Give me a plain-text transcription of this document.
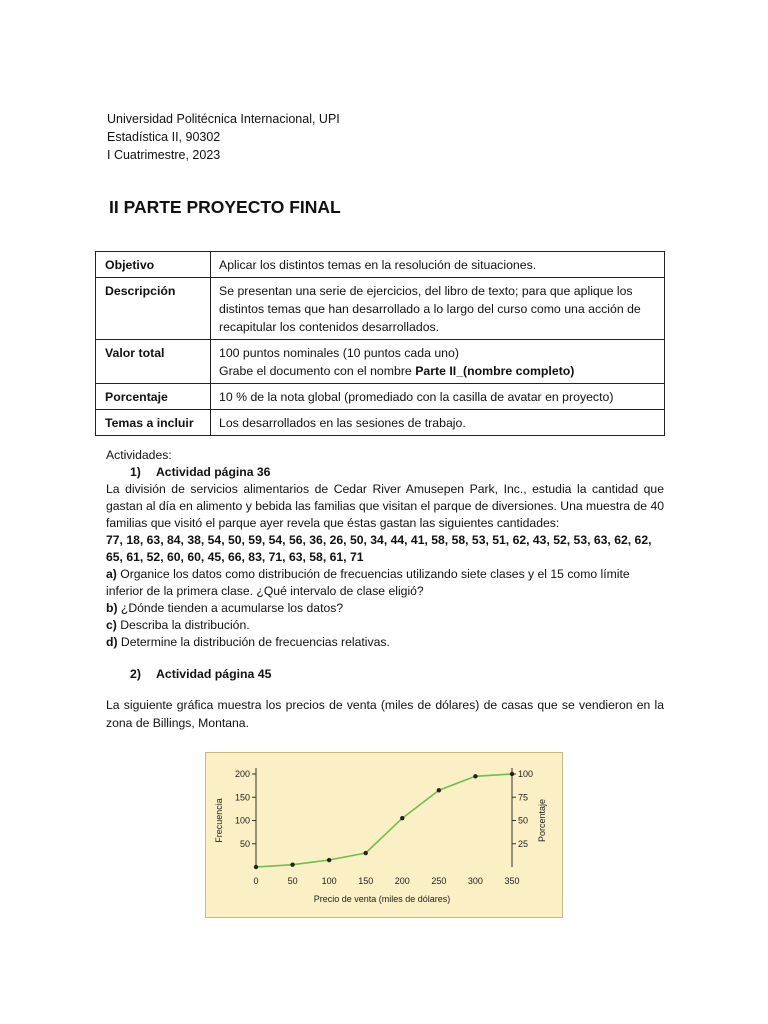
Universidad Politécnica Internacional, UPI
Estadística II, 90302
I Cuatrimestre, 2023
II PARTE PROYECTO FINAL
Objetivo	Aplicar los distintos temas en la resolución de situaciones.
Descripción	Se presentan una serie de ejercicios, del libro de texto; para que aplique los distintos temas que han desarrollado a lo largo del curso como una acción de recapitular los contenidos desarrollados.
Valor total	100 puntos nominales (10 puntos cada uno)
Grabe el documento con el nombre Parte II_(nombre completo)

Porcentaje	10 % de la nota global (promediado con la casilla de avatar en proyecto)
Temas a incluir	Los desarrollados en las sesiones de trabajo.

Actividades:

1) Actividad página 36

La división de servicios alimentarios de Cedar River Amusepen Park, Inc., estudia la cantidad que gastan al día en alimento y bebida las familias que visitan el parque de diversiones. Una muestra de 40 familias que visitó el parque ayer revela que éstas gastan las siguientes cantidades:

77, 18, 63, 84, 38, 54, 50, 59, 54, 56, 36, 26, 50, 34, 44, 41, 58, 58, 53, 51, 62, 43, 52, 53, 63, 62, 62, 65, 61, 52, 60, 60, 45, 66, 83, 71, 63, 58, 61, 71

a) Organice los datos como distribución de frecuencias utilizando siete clases y el 15 como límite inferior de la primera clase. ¿Qué intervalo de clase eligió?

b) ¿Dónde tienden a acumularse los datos?

c) Describa la distribución.

d) Determine la distribución de frecuencias relativas.

2) Actividad página 45

La siguiente gráfica muestra los precios de venta (miles de dólares) de casas que se vendieron en la zona de Billings, Montana.

50
100
150
200
25
50
75
100
0	50	100 150 200 250 300 350
Precio de venta (miles de dólares)
Frecuencia	Porcentaje
